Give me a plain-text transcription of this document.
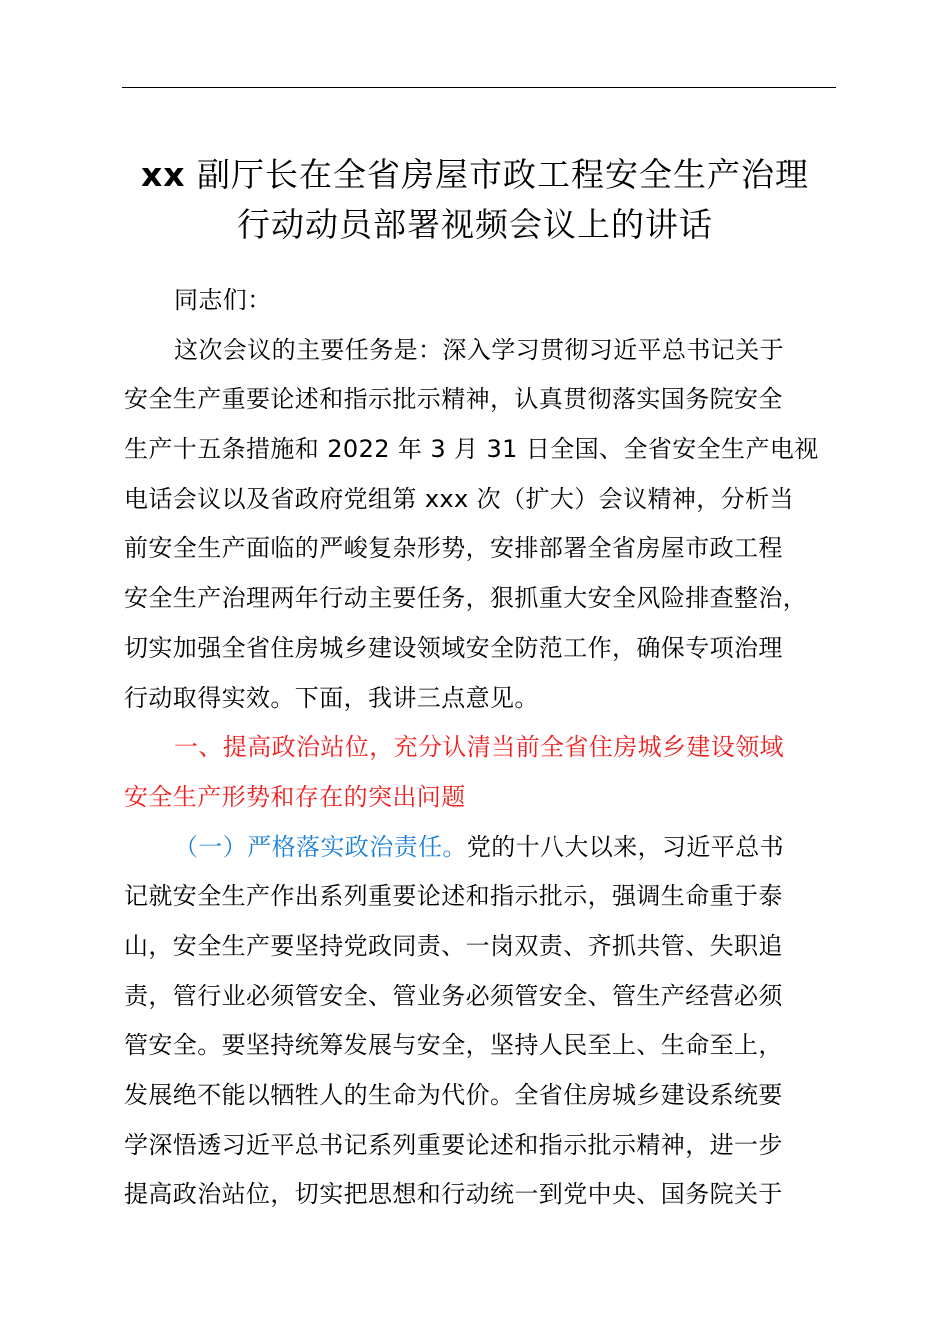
xx 副厅长在全省房屋市政工程安全生产治理
行动动员部署视频会议上的讲话
同志们：
这次会议的主要任务是：深入学习贯彻习近平总书记关于
安全生产重要论述和指示批示精神，认真贯彻落实国务院安全
生产十五条措施和 2022 年 3 月 31 日全国、全省安全生产电视
电话会议以及省政府党组第 xxx 次（扩大）会议精神，分析当
前安全生产面临的严峻复杂形势，安排部署全省房屋市政工程
安全生产治理两年行动主要任务，狠抓重大安全风险排查整治，
切实加强全省住房城乡建设领域安全防范工作，确保专项治理
行动取得实效。下面，我讲三点意见。
一、提高政治站位，充分认清当前全省住房城乡建设领域
安全生产形势和存在的突出问题
（一）严格落实政治责任。党的十八大以来，习近平总书
记就安全生产作出系列重要论述和指示批示，强调生命重于泰
山，安全生产要坚持党政同责、一岗双责、齐抓共管、失职追
责，管行业必须管安全、管业务必须管安全、管生产经营必须
管安全。要坚持统筹发展与安全，坚持人民至上、生命至上，
发展绝不能以牺牲人的生命为代价。全省住房城乡建设系统要
学深悟透习近平总书记系列重要论述和指示批示精神，进一步
提高政治站位，切实把思想和行动统一到党中央、国务院关于
